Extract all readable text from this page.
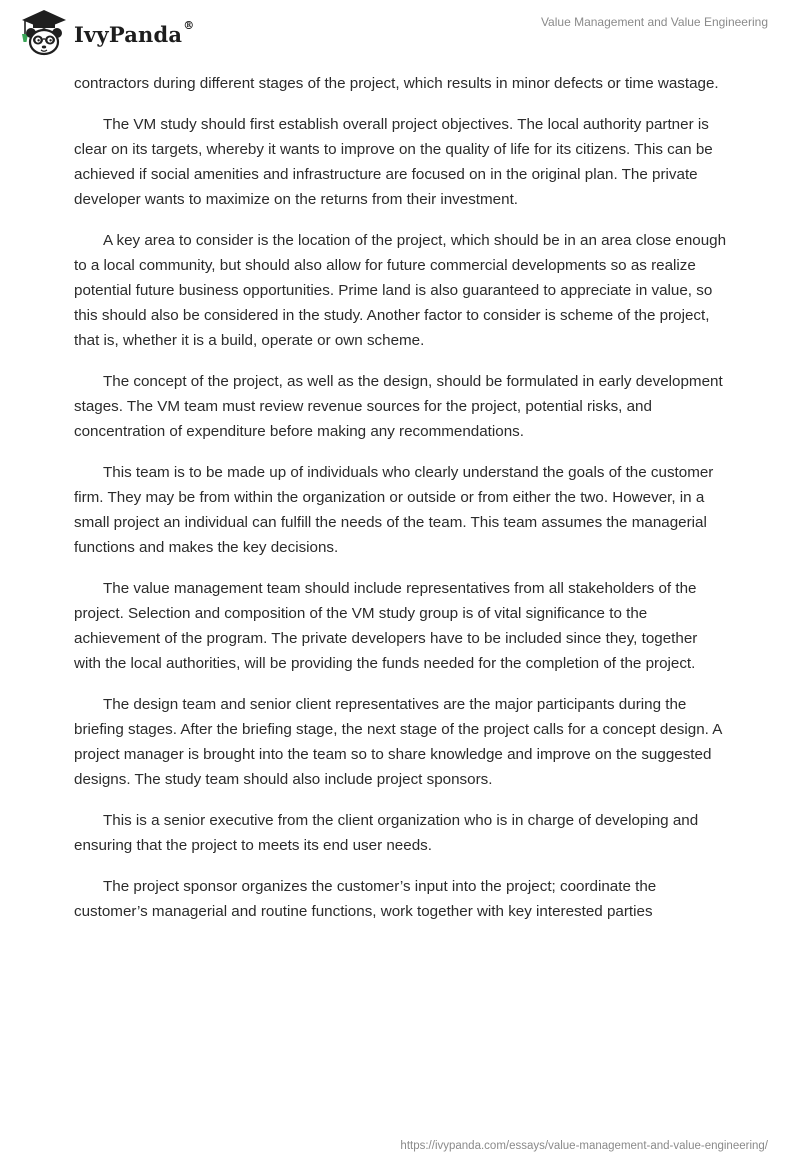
IvyPanda®	Value Management and Value Engineering

contractors during different stages of the project, which results in minor defects or time wastage.

The VM study should first establish overall project objectives. The local authority partner is clear on its targets, whereby it wants to improve on the quality of life for its citizens. This can be achieved if social amenities and infrastructure are focused on in the original plan. The private developer wants to maximize on the returns from their investment.

A key area to consider is the location of the project, which should be in an area close enough to a local community, but should also allow for future commercial developments so as realize potential future business opportunities. Prime land is also guaranteed to appreciate in value, so this should also be considered in the study. Another factor to consider is scheme of the project, that is, whether it is a build, operate or own scheme.

The concept of the project, as well as the design, should be formulated in early development stages. The VM team must review revenue sources for the project, potential risks, and concentration of expenditure before making any recommendations.

This team is to be made up of individuals who clearly understand the goals of the customer firm. They may be from within the organization or outside or from either the two. However, in a small project an individual can fulfill the needs of the team. This team assumes the managerial functions and makes the key decisions.

The value management team should include representatives from all stakeholders of the project. Selection and composition of the VM study group is of vital significance to the achievement of the program. The private developers have to be included since they, together with the local authorities, will be providing the funds needed for the completion of the project.

The design team and senior client representatives are the major participants during the briefing stages. After the briefing stage, the next stage of the project calls for a concept design. A project manager is brought into the team so to share knowledge and improve on the suggested designs. The study team should also include project sponsors.

This is a senior executive from the client organization who is in charge of developing and ensuring that the project to meets its end user needs.

The project sponsor organizes the customer’s input into the project; coordinate the customer’s managerial and routine functions, work together with key interested parties

https://ivypanda.com/essays/value-management-and-value-engineering/
